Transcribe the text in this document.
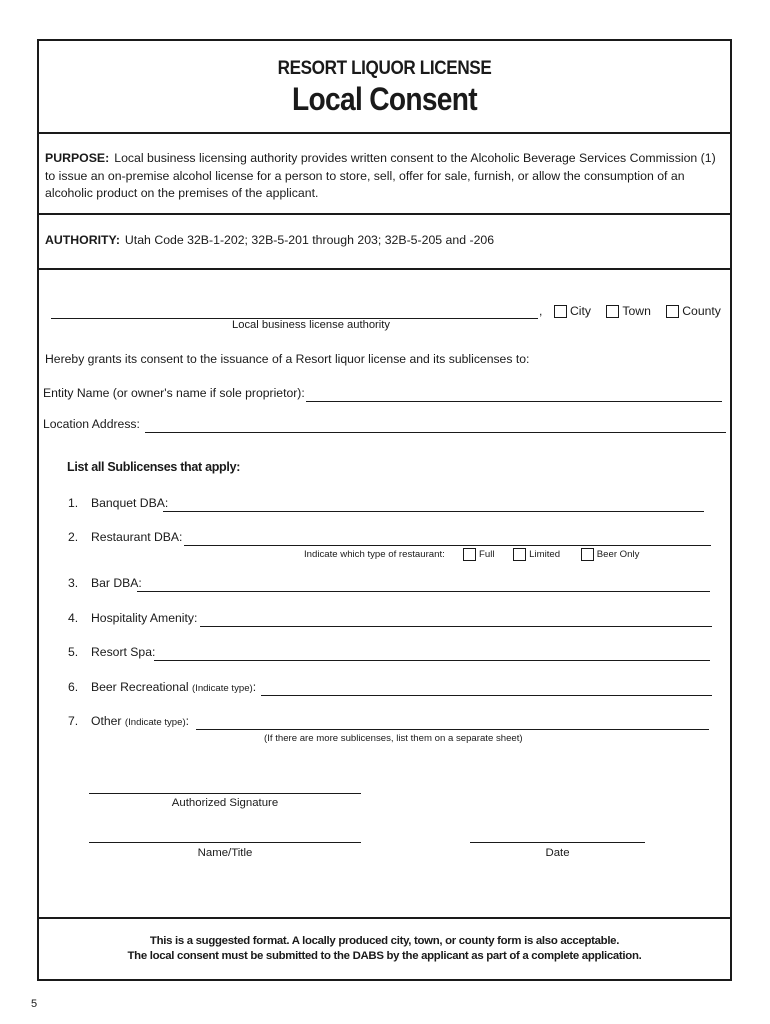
RESORT LIQUOR LICENSE
Local Consent
PURPOSE: Local business licensing authority provides written consent to the Alcoholic Beverage Services Commission (1) to issue an on-premise alcohol license for a person to store, sell, offer for sale, furnish, or allow the consumption of an alcoholic product on the premises of the applicant.
AUTHORITY: Utah Code 32B-1-202; 32B-5-201 through 203; 32B-5-205 and -206
, City
	Town
	County
Local business license authority
Hereby grants its consent to the issuance of a Resort liquor license and its sublicenses to:
Entity Name (or owner's name if sole proprietor):
Location Address:
List all Sublicenses that apply:
1. Banquet DBA:
2. Restaurant DBA:
Indicate which type of restaurant:	Full
	Limited
	Beer Only
3. Bar DBA:
4. Hospitality Amenity:
5. Resort Spa:
6. Beer Recreational (Indicate type):
7. Other (Indicate type):
(If there are more sublicenses, list them on a separate sheet)
Authorized Signature
Name/Title	Date
This is a suggested format. A locally produced city, town, or county form is also acceptable.
The local consent must be submitted to the DABS by the applicant as part of a complete application.
5
